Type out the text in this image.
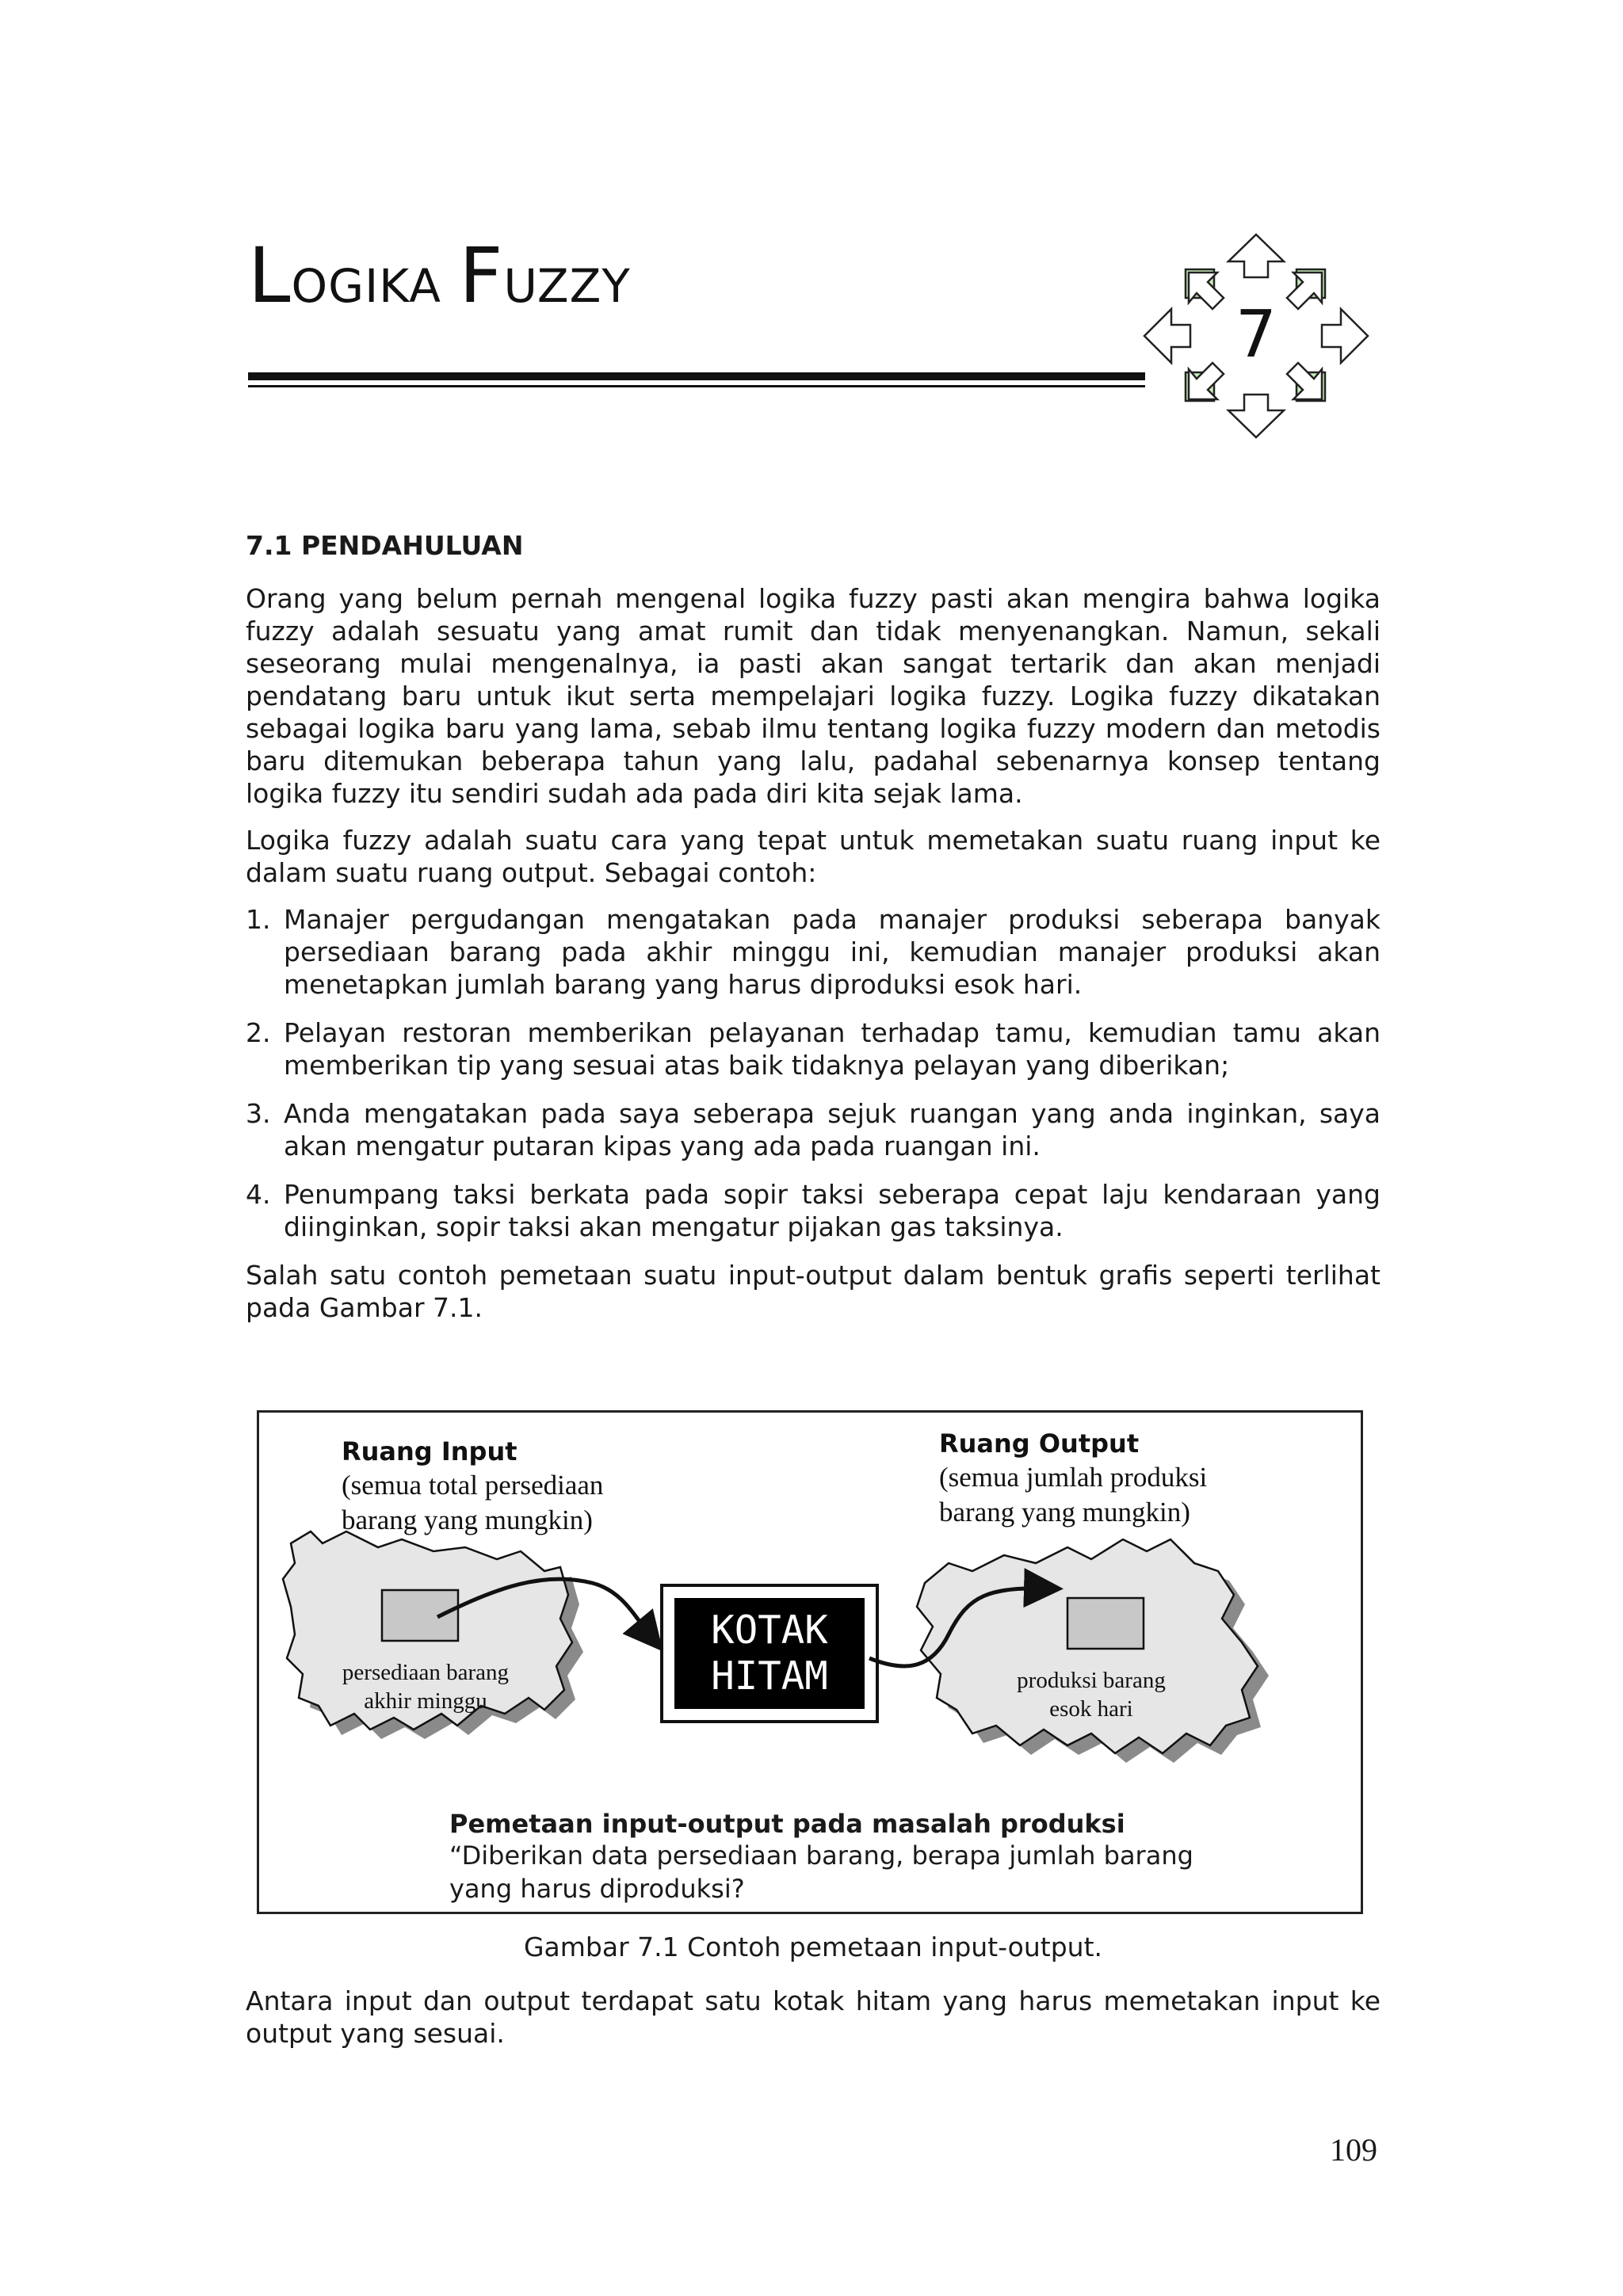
LOGIKA FUZZY
7
7.1 PENDAHULUAN

Orang yang belum pernah mengenal logika fuzzy pasti akan mengira bahwa logika fuzzy adalah sesuatu yang amat rumit dan tidak menyenangkan. Namun, sekali seseorang mulai mengenalnya, ia pasti akan sangat tertarik dan akan menjadi pendatang baru untuk ikut serta mempelajari logika fuzzy. Logika fuzzy dikatakan sebagai logika baru yang lama, sebab ilmu tentang logika fuzzy modern dan metodis baru ditemukan beberapa tahun yang lalu, padahal sebenarnya konsep tentang logika fuzzy itu sendiri sudah ada pada diri kita sejak lama.

Logika fuzzy adalah suatu cara yang tepat untuk memetakan suatu ruang input ke dalam suatu ruang output. Sebagai contoh:

1. Manajer pergudangan mengatakan pada manajer produksi seberapa banyak persediaan barang pada akhir minggu ini, kemudian manajer produksi akan menetapkan jumlah barang yang harus diproduksi esok hari.
2. Pelayan restoran memberikan pelayanan terhadap tamu, kemudian tamu akan memberikan tip yang sesuai atas baik tidaknya pelayan yang diberikan;
3. Anda mengatakan pada saya seberapa sejuk ruangan yang anda inginkan, saya akan mengatur putaran kipas yang ada pada ruangan ini.
4. Penumpang taksi berkata pada sopir taksi seberapa cepat laju kendaraan yang diinginkan, sopir taksi akan mengatur pijakan gas taksinya.

Salah satu contoh pemetaan suatu input-output dalam bentuk grafis seperti terlihat pada Gambar 7.1.

Ruang Input
(semua total persediaan
barang yang mungkin)
Ruang Output
(semua jumlah produksi
barang yang mungkin)
persediaan barang
akhir minggu
produksi barang
esok hari
KOTAK
HITAM
Pemetaan input-output pada masalah produksi
“Diberikan data persediaan barang, berapa jumlah barang
yang harus diproduksi?
Gambar 7.1 Contoh pemetaan input-output.

Antara input dan output terdapat satu kotak hitam yang harus memetakan input ke output yang sesuai.

109
